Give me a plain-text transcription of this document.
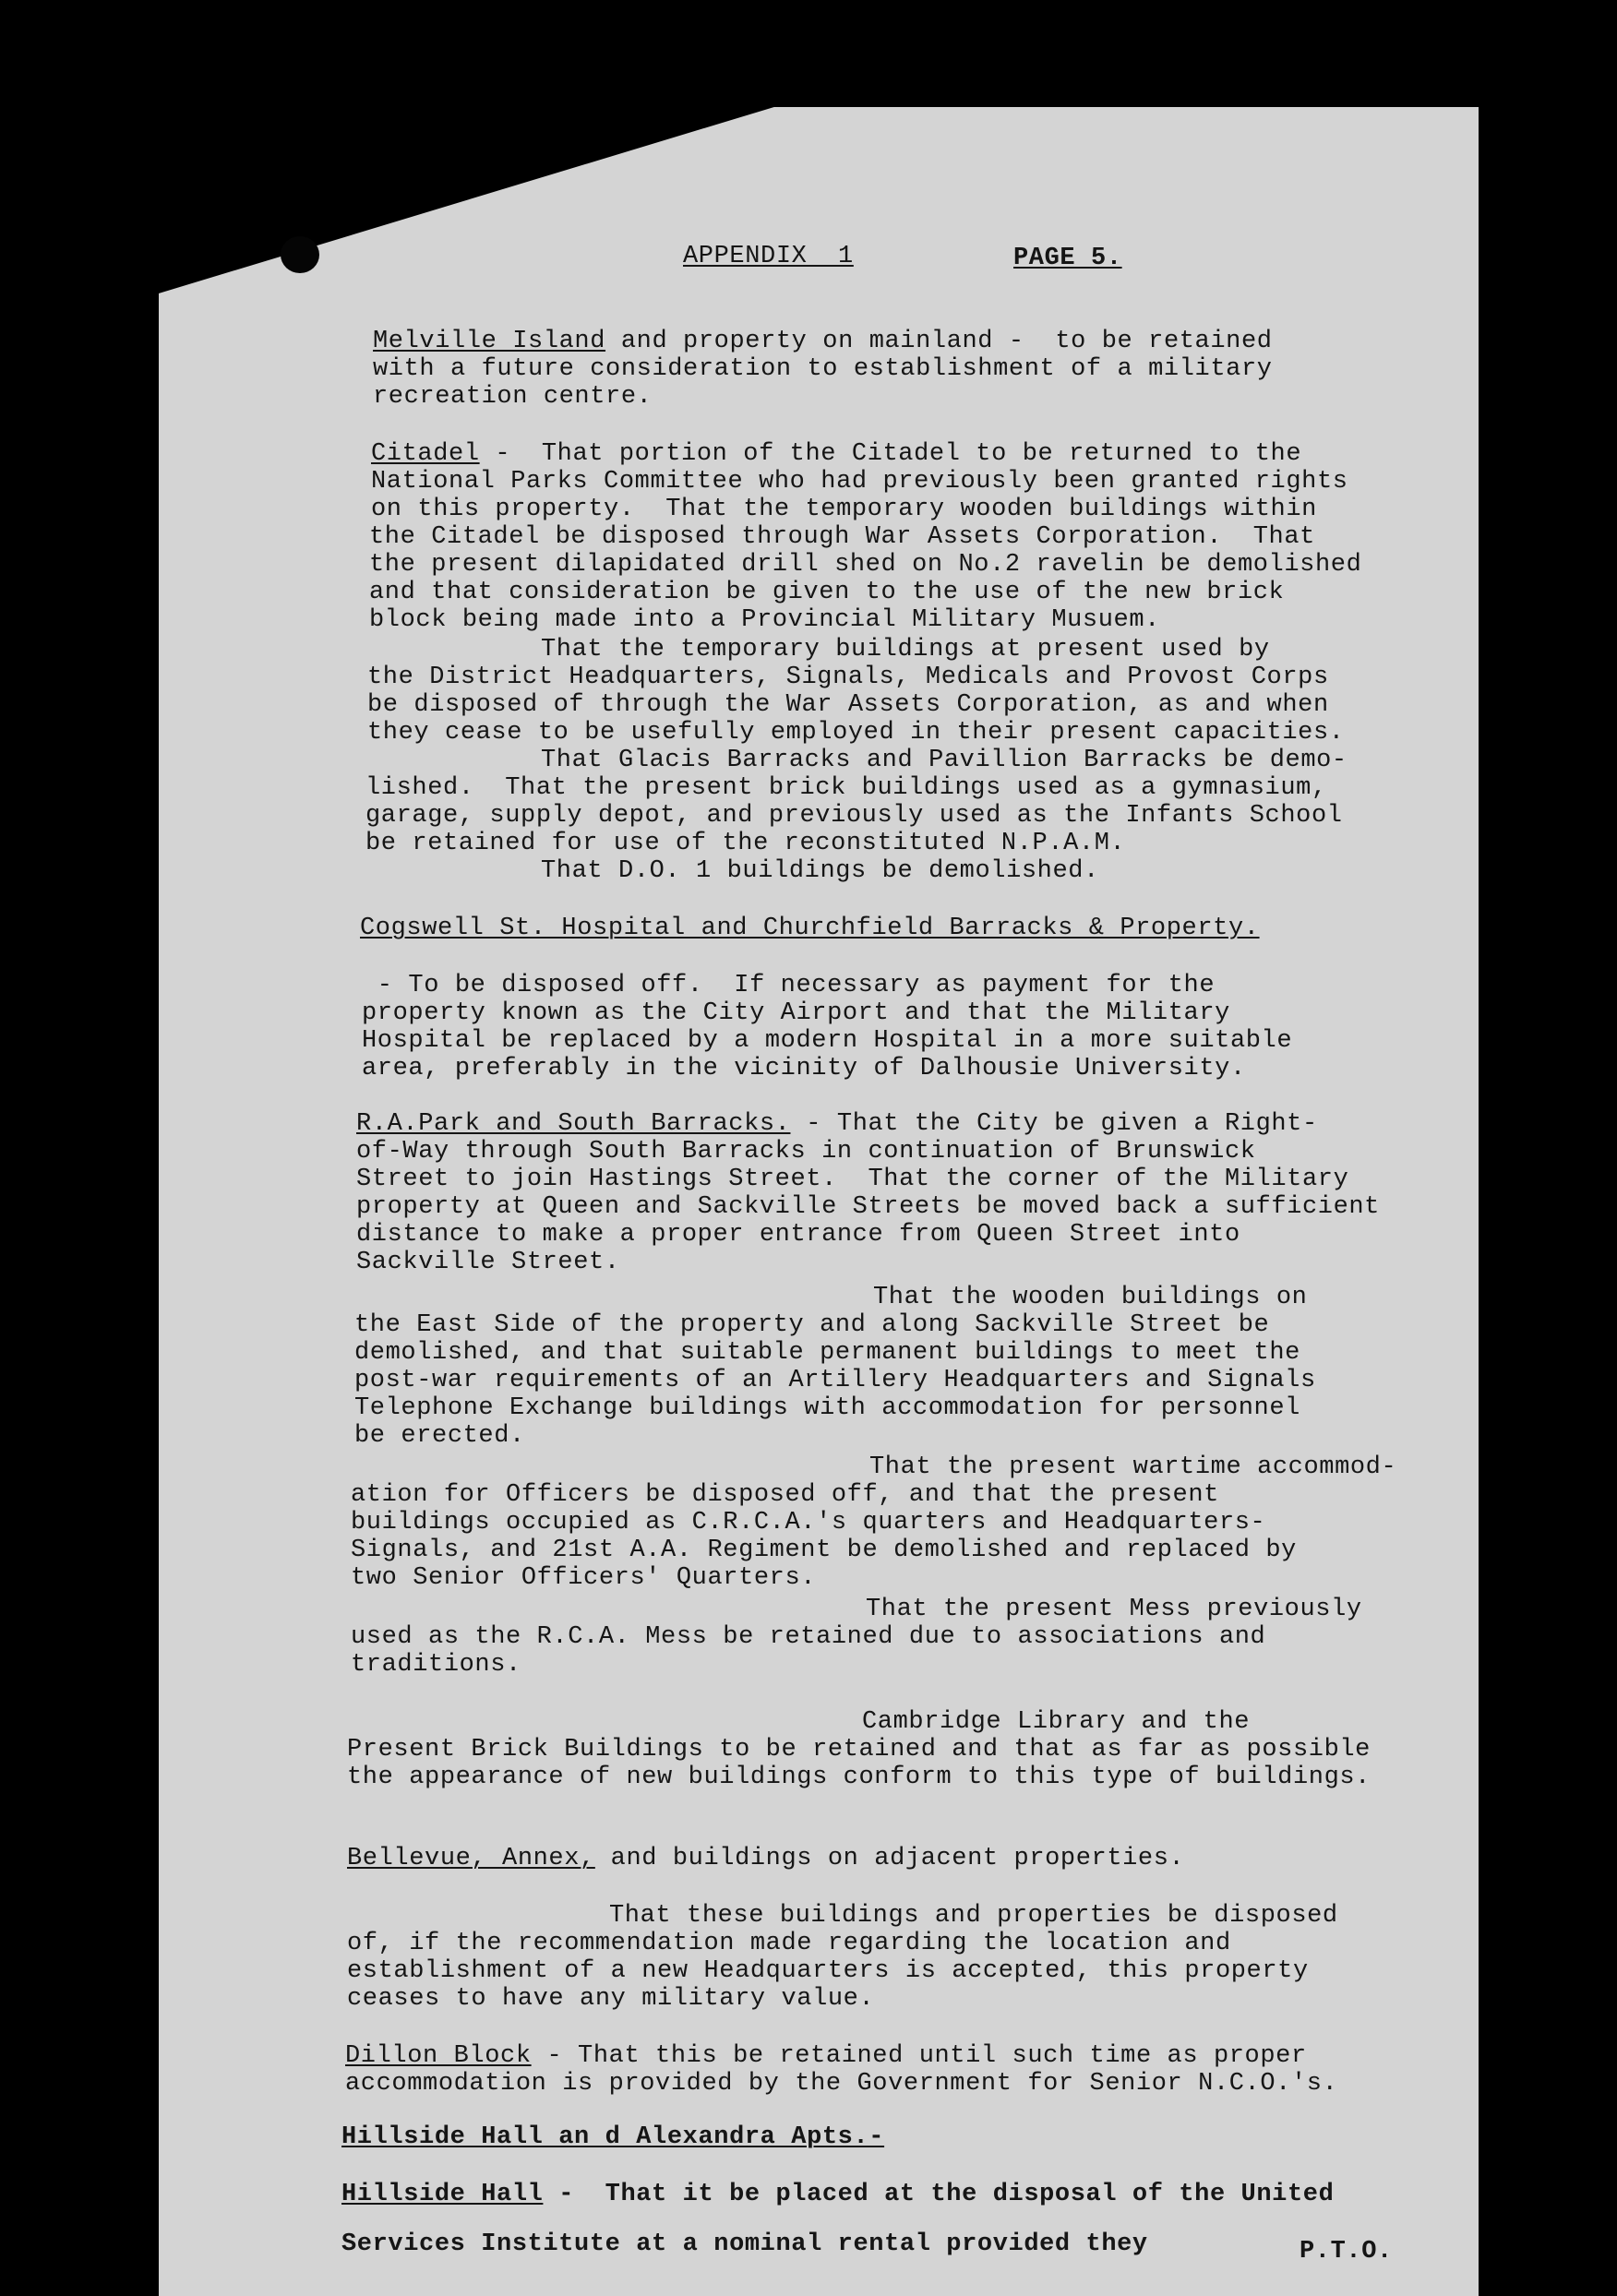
APPENDIX  1	PAGE 5.
Melville Island and property on mainland -  to be retained
with a future consideration to establishment of a military
recreation centre.
Citadel -  That portion of the Citadel to be returned to the
National Parks Committee who had previously been granted rights
on this property.  That the temporary wooden buildings within
the Citadel be disposed through War Assets Corporation.  That
the present dilapidated drill shed on No.2 ravelin be demolished
and that consideration be given to the use of the new brick
block being made into a Provincial Military Musuem.
That the temporary buildings at present used by
the District Headquarters, Signals, Medicals and Provost Corps
be disposed of through the War Assets Corporation, as and when
they cease to be usefully employed in their present capacities.
That Glacis Barracks and Pavillion Barracks be demo-
lished.  That the present brick buildings used as a gymnasium,
garage, supply depot, and previously used as the Infants School
be retained for use of the reconstituted N.P.A.M.
That D.O. 1 buildings be demolished.
Cogswell St. Hospital and Churchfield Barracks & Property.
- To be disposed off.  If necessary as payment for the
property known as the City Airport and that the Military
Hospital be replaced by a modern Hospital in a more suitable
area, preferably in the vicinity of Dalhousie University.
R.A.Park and South Barracks. - That the City be given a Right-
of-Way through South Barracks in continuation of Brunswick
Street to join Hastings Street.  That the corner of the Military
property at Queen and Sackville Streets be moved back a sufficient
distance to make a proper entrance from Queen Street into
Sackville Street.
That the wooden buildings on
the East Side of the property and along Sackville Street be
demolished, and that suitable permanent buildings to meet the
post-war requirements of an Artillery Headquarters and Signals
Telephone Exchange buildings with accommodation for personnel
be erected.
That the present wartime accommod-
ation for Officers be disposed off, and that the present
buildings occupied as C.R.C.A.'s quarters and Headquarters-
Signals, and 21st A.A. Regiment be demolished and replaced by
two Senior Officers' Quarters.
That the present Mess previously
used as the R.C.A. Mess be retained due to associations and
traditions.
Cambridge Library and the
Present Brick Buildings to be retained and that as far as possible
the appearance of new buildings conform to this type of buildings.
Bellevue, Annex, and buildings on adjacent properties.
That these buildings and properties be disposed
of, if the recommendation made regarding the location and
establishment of a new Headquarters is accepted, this property
ceases to have any military value.
Dillon Block - That this be retained until such time as proper
accommodation is provided by the Government for Senior N.C.O.'s.
Hillside Hall an d Alexandra Apts.-
Hillside Hall -  That it be placed at the disposal of the United
Services Institute at a nominal rental provided they	P.T.O.
